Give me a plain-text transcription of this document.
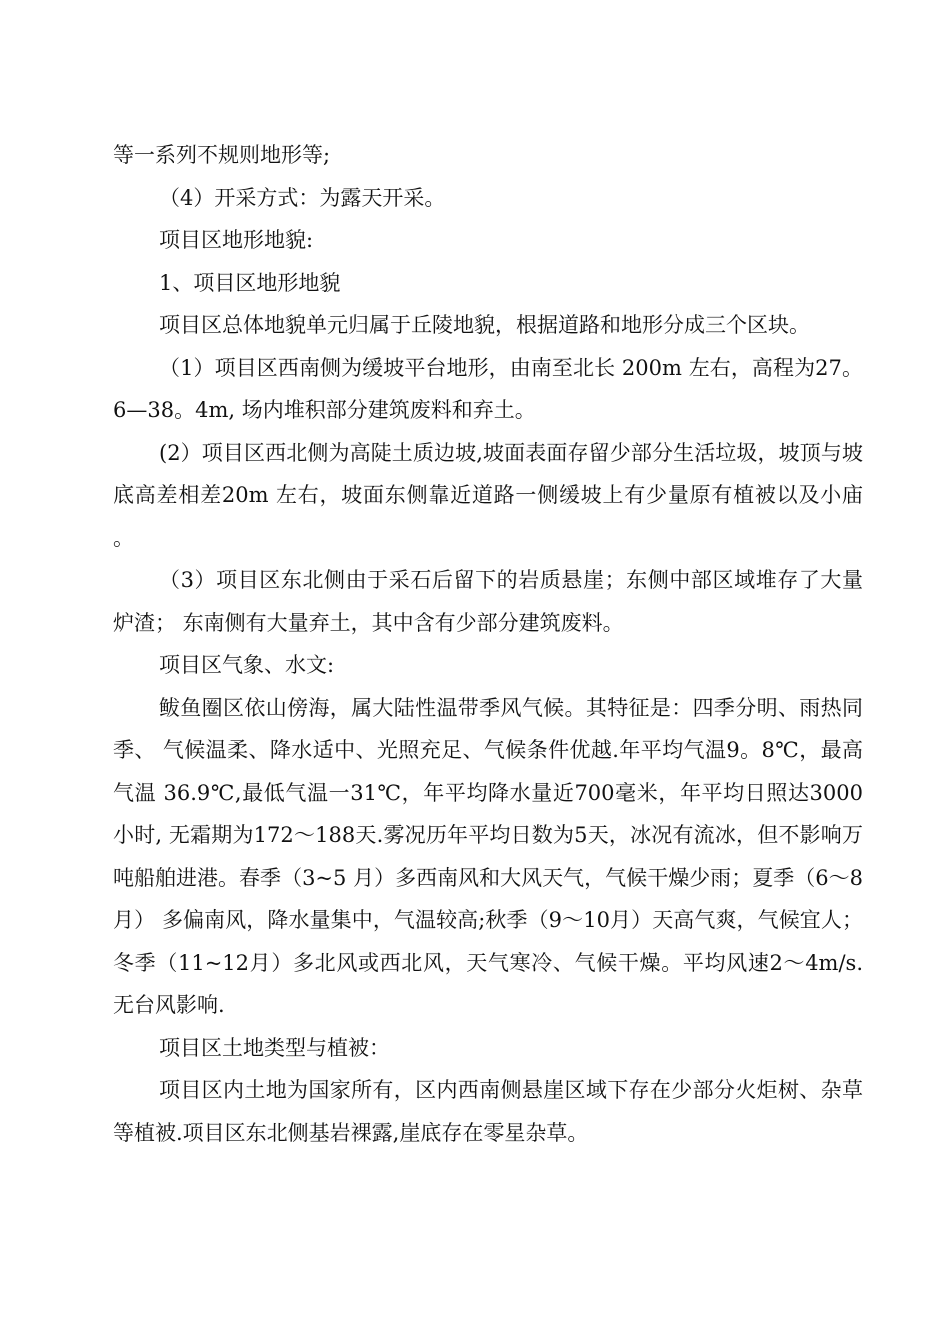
等一系列不规则地形等;

（4）开采方式：为露天开采。

项目区地形地貌:

1、项目区地形地貌

项目区总体地貌单元归属于丘陵地貌，根据道路和地形分成三个区块。

（1）项目区西南侧为缓坡平台地形，由南至北长 200m 左右，高程为27。6—38。4m, 场内堆积部分建筑废料和弃土。

(2）项目区西北侧为高陡土质边坡,坡面表面存留少部分生活垃圾，坡顶与坡底高差相差20m 左右，坡面东侧靠近道路一侧缓坡上有少量原有植被以及小庙 。

（3）项目区东北侧由于采石后留下的岩质悬崖；东侧中部区域堆存了大量炉渣； 东南侧有大量弃土，其中含有少部分建筑废料。

项目区气象、水文:

鲅鱼圈区依山傍海，属大陆性温带季风气候。其特征是：四季分明、雨热同季、 气候温柔、降水适中、光照充足、气候条件优越.年平均气温9。8℃，最高气温 36.9℃,最低气温一31℃，年平均降水量近700毫米，年平均日照达3000小时, 无霜期为172～188天.雾况历年平均日数为5天，冰况有流冰，但不影响万吨船舶进港。春季（3~5 月）多西南风和大风天气，气候干燥少雨；夏季（6～8 月） 多偏南风，降水量集中，气温较高;秋季（9～10月）天高气爽，气候宜人；冬季（11~12月）多北风或西北风，天气寒冷、气候干燥。平均风速2～4m/s.无台风影响.

项目区土地类型与植被：

项目区内土地为国家所有，区内西南侧悬崖区域下存在少部分火炬树、杂草等植被.项目区东北侧基岩裸露,崖底存在零星杂草。
